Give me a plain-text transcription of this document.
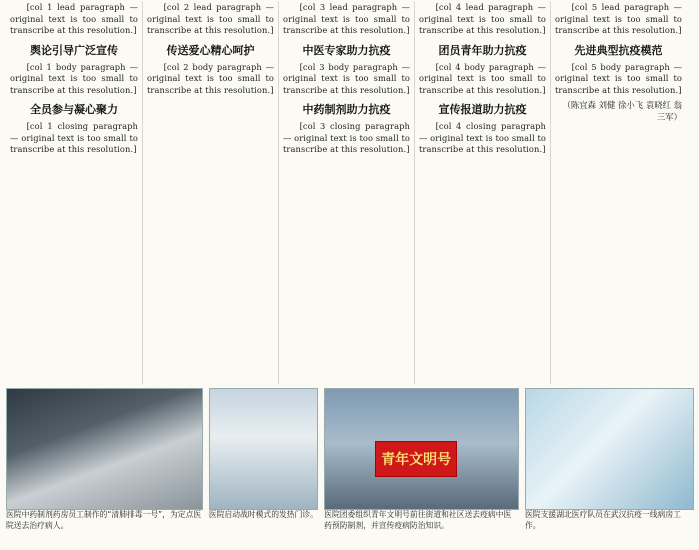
[col 1 lead paragraph — original text is too small to transcribe at this resolution.]

舆论引导广泛宣传

[col 1 body paragraph — original text is too small to transcribe at this resolution.]

全员参与凝心聚力

[col 1 closing paragraph — original text is too small to transcribe at this resolution.]

[col 2 lead paragraph — original text is too small to transcribe at this resolution.]

传送爱心精心呵护

[col 2 body paragraph — original text is too small to transcribe at this resolution.]

[col 3 lead paragraph — original text is too small to transcribe at this resolution.]

中医专家助力抗疫

[col 3 body paragraph — original text is too small to transcribe at this resolution.]

中药制剂助力抗疫

[col 3 closing paragraph — original text is too small to transcribe at this resolution.]

[col 4 lead paragraph — original text is too small to transcribe at this resolution.]

团员青年助力抗疫

[col 4 body paragraph — original text is too small to transcribe at this resolution.]

宣传报道助力抗疫

[col 4 closing paragraph — original text is too small to transcribe at this resolution.]

[col 5 lead paragraph — original text is too small to transcribe at this resolution.]

先进典型抗疫模范

[col 5 body paragraph — original text is too small to transcribe at this resolution.]

（陈宜森 刘健 徐小飞 袁晓红 翁三军）
医院中药制剂药房员工制作的“清肺排毒一号”，为定点医院送去治疗病人。
医院启动战时模式的发热门诊。
青年文明号
医院团委组织青年文明号前往街道和社区送去疫病中医药预防制剂，并宣传疫病防治知识。
医院支援湖北医疗队员在武汉抗疫一线病房工作。
